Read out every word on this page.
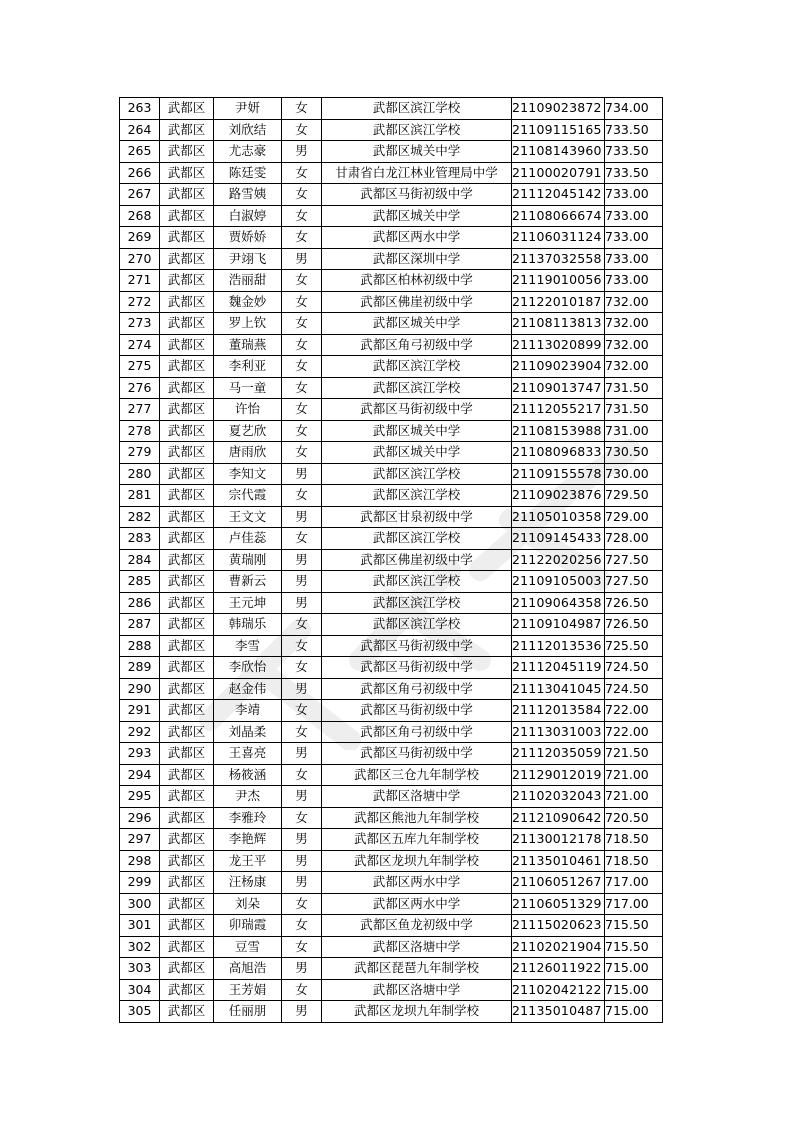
263	武都区	尹妍	女	武都区滨江学校	21109023872	734.00
264	武都区	刘欣结	女	武都区滨江学校	21109115165	733.50
265	武都区	尤志豪	男	武都区城关中学	21108143960	733.50
266	武都区	陈廷雯	女	甘肃省白龙江林业管理局中学	21100020791	733.50
267	武都区	路雪姨	女	武都区马街初级中学	21112045142	733.00
268	武都区	白淑婷	女	武都区城关中学	21108066674	733.00
269	武都区	贾娇娇	女	武都区两水中学	21106031124	733.00
270	武都区	尹翊飞	男	武都区深圳中学	21137032558	733.00
271	武都区	浩丽甜	女	武都区柏林初级中学	21119010056	733.00
272	武都区	魏金妙	女	武都区佛崖初级中学	21122010187	732.00
273	武都区	罗上钦	女	武都区城关中学	21108113813	732.00
274	武都区	董瑞燕	女	武都区角弓初级中学	21113020899	732.00
275	武都区	李利亚	女	武都区滨江学校	21109023904	732.00
276	武都区	马一童	女	武都区滨江学校	21109013747	731.50
277	武都区	许怡	女	武都区马街初级中学	21112055217	731.50
278	武都区	夏艺欣	女	武都区城关中学	21108153988	731.00
279	武都区	唐雨欣	女	武都区城关中学	21108096833	730.50
280	武都区	李知文	男	武都区滨江学校	21109155578	730.00
281	武都区	宗代霞	女	武都区滨江学校	21109023876	729.50
282	武都区	王文文	男	武都区甘泉初级中学	21105010358	729.00
283	武都区	卢佳蕊	女	武都区滨江学校	21109145433	728.00
284	武都区	黄瑞刚	男	武都区佛崖初级中学	21122020256	727.50
285	武都区	曹新云	男	武都区滨江学校	21109105003	727.50
286	武都区	王元坤	男	武都区滨江学校	21109064358	726.50
287	武都区	韩瑞乐	女	武都区滨江学校	21109104987	726.50
288	武都区	李雪	女	武都区马街初级中学	21112013536	725.50
289	武都区	李欣怡	女	武都区马街初级中学	21112045119	724.50
290	武都区	赵金伟	男	武都区角弓初级中学	21113041045	724.50
291	武都区	李靖	女	武都区马街初级中学	21112013584	722.00
292	武都区	刘晶柔	女	武都区角弓初级中学	21113031003	722.00
293	武都区	王喜亮	男	武都区马街初级中学	21112035059	721.50
294	武都区	杨筱涵	女	武都区三仓九年制学校	21129012019	721.00
295	武都区	尹杰	男	武都区洛塘中学	21102032043	721.00
296	武都区	李雅玲	女	武都区熊池九年制学校	21121090642	720.50
297	武都区	李艳辉	男	武都区五库九年制学校	21130012178	718.50
298	武都区	龙王平	男	武都区龙坝九年制学校	21135010461	718.50
299	武都区	汪杨康	男	武都区两水中学	21106051267	717.00
300	武都区	刘朵	女	武都区两水中学	21106051329	717.00
301	武都区	卯瑞霞	女	武都区鱼龙初级中学	21115020623	715.50
302	武都区	豆雪	女	武都区洛塘中学	21102021904	715.50
303	武都区	高旭浩	男	武都区琵琶九年制学校	21126011922	715.00
304	武都区	王芳娟	女	武都区洛塘中学	21102042122	715.00
305	武都区	任丽朋	男	武都区龙坝九年制学校	21135010487	715.00
